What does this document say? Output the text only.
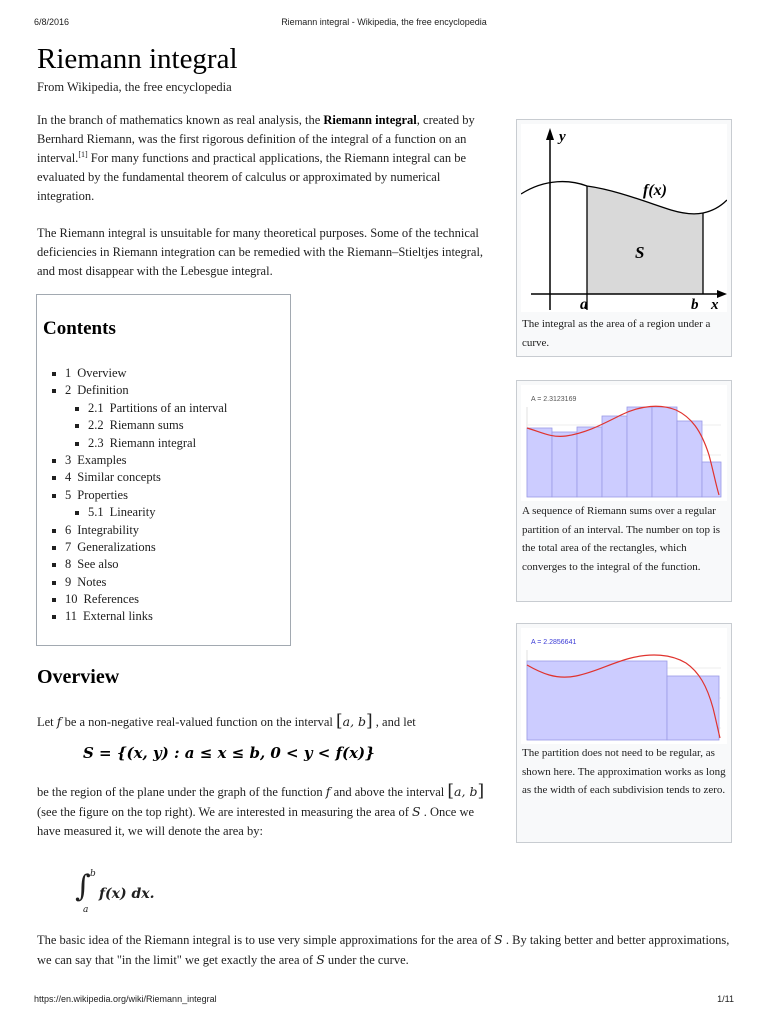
6/8/2016	Riemann integral - Wikipedia, the free encyclopedia
Riemann integral
From Wikipedia, the free encyclopedia

In the branch of mathematics known as real analysis, the Riemann integral, created by Bernhard Riemann, was the first rigorous definition of the integral of a function on an interval.[1] For many functions and practical applications, the Riemann integral can be evaluated by the fundamental theorem of calculus or approximated by numerical integration.

The Riemann integral is unsuitable for many theoretical purposes. Some of the technical deficiencies in Riemann integration can be remedied with the Riemann–Stieltjes integral, and most disappear with the Lebesgue integral.

Contents
1 Overview
2 Definition
2.1 Partitions of an interval
2.2 Riemann sums
2.3 Riemann integral
3 Examples
4 Similar concepts
5 Properties
5.1 Linearity
6 Integrability
7 Generalizations
8 See also
9 Notes
10 References
11 External links
Overview

Let f be a non-negative real-valued function on the interval [a, b] , and let

S = {(x, y) : a ≤ x ≤ b, 0 < y < f(x)}

be the region of the plane under the graph of the function f and above the interval [a, b] (see the figure on the top right). We are interested in measuring the area of S . Once we have measured it, we will denote the area by:

∫ b
a
f(x) dx.

The basic idea of the Riemann integral is to use very simple approximations for the area of S . By taking better and better approximations, we can say that "in the limit" we get exactly the area of S under the curve.

y
f(x)
S
a	b x
The integral as the area of a region under a curve.
A = 2.3123169
A sequence of Riemann sums over a regular partition of an interval. The number on top is the total area of the rectangles, which converges to the integral of the function.
A = 2.2856641
The partition does not need to be regular, as shown here. The approximation works as long as the width of each subdivision tends to zero.
https://en.wikipedia.org/wiki/Riemann_integral	1/11
